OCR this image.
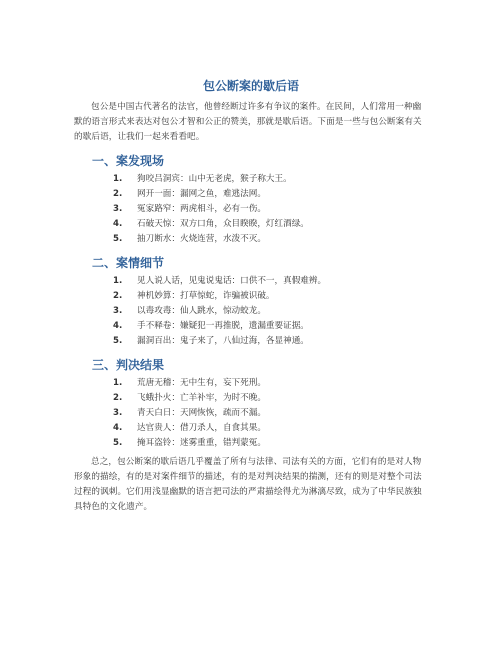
包公断案的歇后语

包公是中国古代著名的法官，他曾经断过许多有争议的案件。在民间，人们常用一种幽默的语言形式来表达对包公才智和公正的赞美，那就是歇后语。下面是一些与包公断案有关的歇后语，让我们一起来看看吧。

一、案发现场
1.	狗咬吕洞宾：山中无老虎，猴子称大王。
2.	网开一面：漏网之鱼，难逃法网。
3.	冤家路窄：两虎相斗，必有一伤。
4.	石破天惊：双方口角，众目睽睽，灯红酒绿。
5.	抽刀断水：火烧连营，水泼不灭。
二、案情细节
1.	见人说人话，见鬼说鬼话：口供不一，真假难辨。
2.	神机妙算：打草惊蛇，诈骗被识破。
3.	以毒攻毒：仙人跳水，惊动蛟龙。
4.	手不释卷：嫌疑犯一再推脱，遗漏重要证据。
5.	漏洞百出：鬼子来了，八仙过海，各显神通。
三、判决结果
1.	荒唐无稽：无中生有，妄下死刑。
2.	飞蛾扑火：亡羊补牢，为时不晚。
3.	青天白日：天网恢恢，疏而不漏。
4.	达官贵人：借刀杀人，自食其果。
5.	掩耳盗铃：迷雾重重，错判蒙冤。

总之，包公断案的歇后语几乎覆盖了所有与法律、司法有关的方面，它们有的是对人物形象的描绘，有的是对案件细节的描述，有的是对判决结果的揣测，还有的则是对整个司法过程的讽刺。它们用浅显幽默的语言把司法的严肃描绘得尤为淋漓尽致，成为了中华民族独具特色的文化遗产。
